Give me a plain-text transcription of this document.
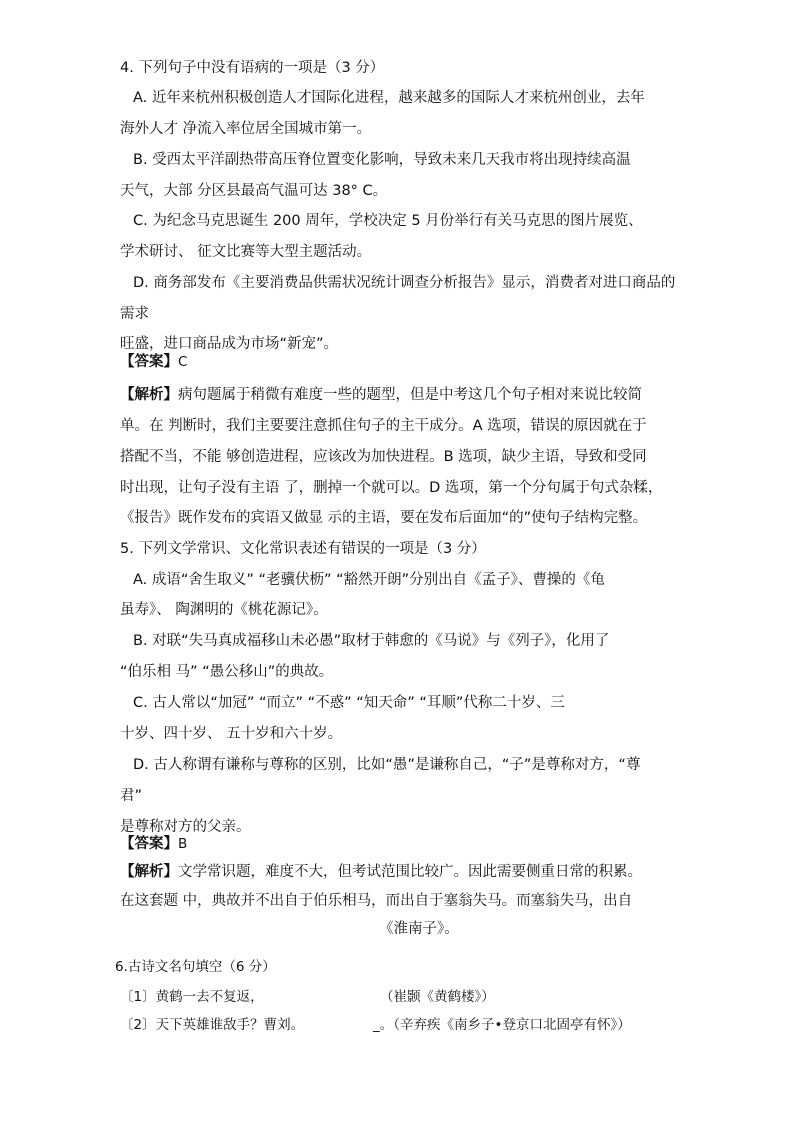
4. 下列句子中没有语病的一项是（3 分）
A. 近年来杭州积极创造人才国际化进程，越来越多的国际人才来杭州创业，去年
海外人才 净流入率位居全国城市第一。
B. 受西太平洋副热带高压脊位置变化影响，导致未来几天我市将出现持续高温
天气，大部 分区县最高气温可达 38° C。
C. 为纪念马克思诞生 200 周年，学校决定 5 月份举行有关马克思的图片展览、
学术研讨、 征文比赛等大型主题活动。
D. 商务部发布《主要消费品供需状况统计调查分析报告》显示，消费者对进口商品的
需求
旺盛，进口商品成为市场“新宠”。
【答案】C
【解析】病句题属于稍微有难度一些的题型，但是中考这几个句子相对来说比较简
单。在 判断时，我们主要要注意抓住句子的主干成分。A 选项，错误的原因就在于
搭配不当，不能 够创造进程，应该改为加快进程。B 选项，缺少主语，导致和受同
时出现，让句子没有主语 了，删掉一个就可以。D 选项，第一个分句属于句式杂糅，
《报告》既作发布的宾语又做显 示的主语，要在发布后面加“的”使句子结构完整。
5. 下列文学常识、文化常识表述有错误的一项是（3 分）
A. 成语“舍生取义” “老骥伏枥” “豁然开朗”分别出自《孟子》、曹操的《龟
虽寿》、 陶渊明的《桃花源记》。
B. 对联“失马真成福移山未必愚”取材于韩愈的《马说》与《列子》，化用了
“伯乐相 马” “愚公移山”的典故。
C. 古人常以“加冠” “而立” “不惑” “知天命” “耳顺”代称二十岁、三
十岁、四十岁、 五十岁和六十岁。
D. 古人称谓有谦称与尊称的区别，比如“愚”是谦称自己，“子”是尊称对方，“尊
君”
是尊称对方的父亲。
【答案】B
【解析】文学常识题，难度不大，但考试范围比较广。因此需要侧重日常的积累。
在这套题 中，典故并不出自于伯乐相马，而出自于塞翁失马。而塞翁失马，出自
《淮南子》。
6.古诗文名句填空（6 分）
〔1〕黄鹤一去不复返，	（崔颢《黄鹤楼》）
〔2〕天下英雄谁敌手？曹刘。	_。（辛弃疾《南乡子•登京口北固亭有怀》）
